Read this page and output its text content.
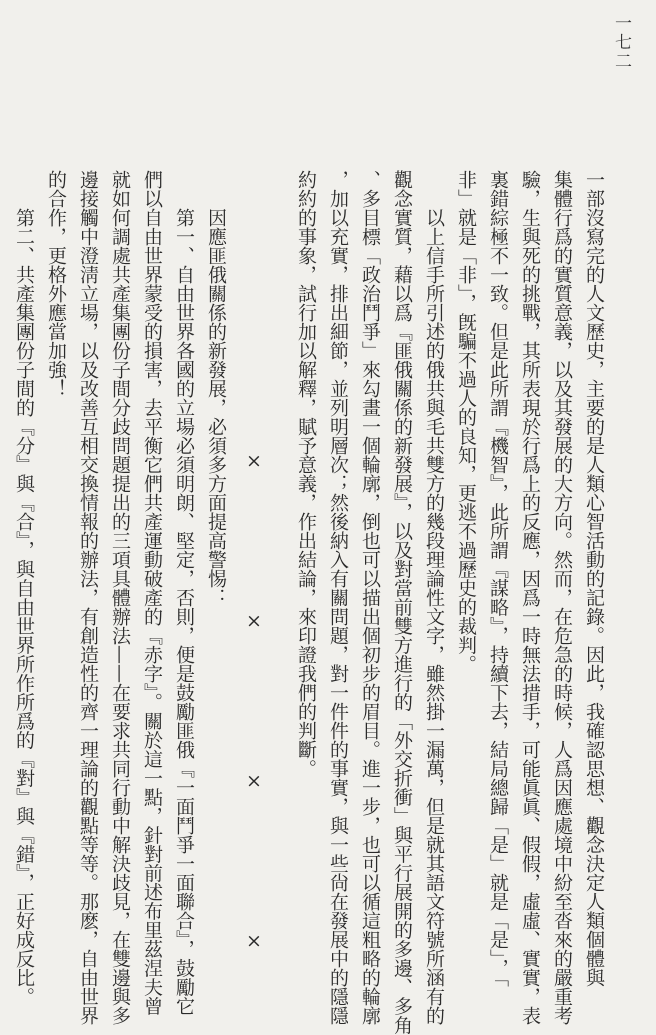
一七二

一部沒寫完的人文歷史，主要的是人類心智活動的記錄。因此，我確認思想、觀念決定人類個體與

集體行爲的實質意義，以及其發展的大方向。然而，在危急的時候，人爲因應處境中紛至沓來的嚴重考

驗，生與死的挑戰，其所表現於行爲上的反應，因爲一時無法措手，可能眞眞、假假，虛虛、實實，表

裏錯綜極不一致。但是此所謂『機智』，此所謂『謀略』，持續下去，結局總歸「是」就是「是」，「

非」就是「非」，旣騙不過人的良知，更逃不過歷史的裁判。

以上信手所引述的俄共與毛共雙方的幾段理論性文字，雖然掛一漏萬，但是就其語文符號所涵有的

觀念實質，藉以爲『匪俄關係的新發展』，以及對當前雙方進行的「外交折衝」與平行展開的多邊、多角

、多目標「政治鬥爭」來勾畫一個輪廓，倒也可以描出個初步的眉目。進一步，也可以循這粗略的輪廓

，加以充實，排出細節，並列明層次；然後納入有關問題，對一件件的事實，與一些尙在發展中的隱隱

約約的事象，試行加以解釋，賦予意義，作出結論，來印證我們的判斷。

× × × ×

因應匪俄關係的新發展，必須多方面提高警惕：

第一、自由世界各國的立場必須明朗、堅定，否則，便是鼓勵匪俄『一面鬥爭一面聯合』，鼓勵它

們以自由世界蒙受的損害，去平衡它們共產運動破產的『赤字』。關於這一點，針對前述布里茲涅夫曾

就如何調處共產集團份子間分歧問題提出的三項具體辦法——在要求共同行動中解決歧見，在雙邊與多

邊接觸中澄淸立場，以及改善互相交換情報的辦法，有創造性的齊一理論的觀點等等。那麽，自由世界

的合作，更格外應當加強！

第二、共產集團份子間的『分』與『合』，與自由世界所作所爲的『對』與『錯』，正好成反比。
